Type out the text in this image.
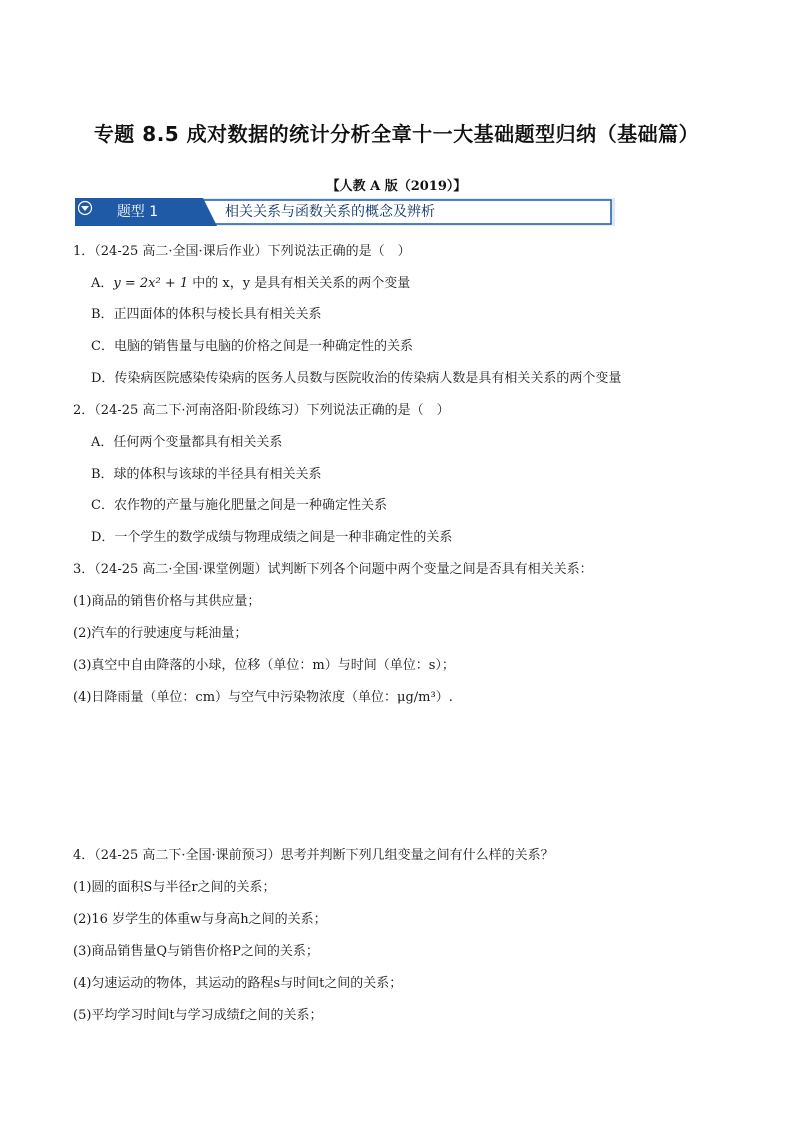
专题 8.5 成对数据的统计分析全章十一大基础题型归纳（基础篇）
【人教 A 版（2019）】
题型 1	相关关系与函数关系的概念及辨析
1．（24-25 高二·全国·课后作业）下列说法正确的是（　）
A．y = 2x² + 1 中的 x，y 是具有相关关系的两个变量
B．正四面体的体积与棱长具有相关关系
C．电脑的销售量与电脑的价格之间是一种确定性的关系
D．传染病医院感染传染病的医务人员数与医院收治的传染病人数是具有相关关系的两个变量
2．（24-25 高二下·河南洛阳·阶段练习）下列说法正确的是（　）
A．任何两个变量都具有相关关系
B．球的体积与该球的半径具有相关关系
C．农作物的产量与施化肥量之间是一种确定性关系
D．一个学生的数学成绩与物理成绩之间是一种非确定性的关系
3．（24-25 高二·全国·课堂例题）试判断下列各个问题中两个变量之间是否具有相关关系：
(1)商品的销售价格与其供应量；
(2)汽车的行驶速度与耗油量；
(3)真空中自由降落的小球，位移（单位：m）与时间（单位：s）；
(4)日降雨量（单位：cm）与空气中污染物浓度（单位：μg/m³）.
4．（24-25 高二下·全国·课前预习）思考并判断下列几组变量之间有什么样的关系？
(1)圆的面积S与半径r之间的关系；
(2)16 岁学生的体重w与身高h之间的关系；
(3)商品销售量Q与销售价格P之间的关系；
(4)匀速运动的物体，其运动的路程s与时间t之间的关系；
(5)平均学习时间t与学习成绩f之间的关系；
